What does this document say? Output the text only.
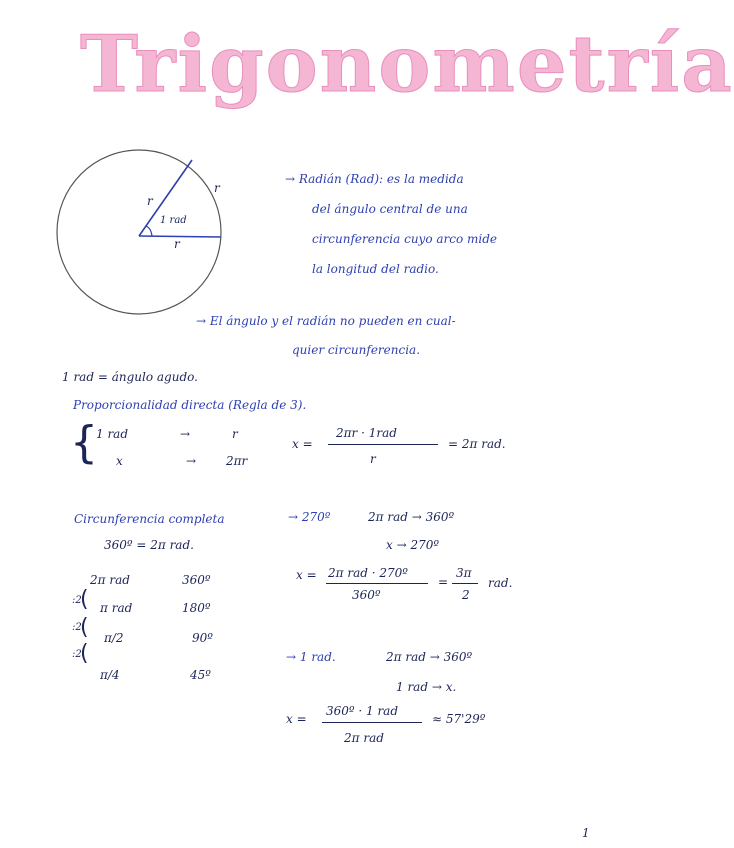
Trigonometría
r
r
r
1 rad
→ Radián (Rad): es la medida
del ángulo central de una
circunferencia cuyo arco mide
la longitud del radio.
→ El ángulo y el radián no pueden en cual-
quier circunferencia.
1 rad = ángulo agudo.
Proporcionalidad directa (Regla de 3).
{
1 rad	→	r
x	→ 2πr
x =
2πr · 1rad
r
= 2π rad.
Circunferencia completa
360º = 2π rad.
2π rad	360º
:2
( π rad	180º
:2
( π/2	90º
:2
(
π/4	45º
→ 270º	2π rad → 360º
x → 270º
x = 2π rad · 270º
360º
=
3π
2
rad.
→ 1 rad.	2π rad → 360º
1 rad → x.
x =
360º · 1 rad
2π rad
≈ 57'29º
1
